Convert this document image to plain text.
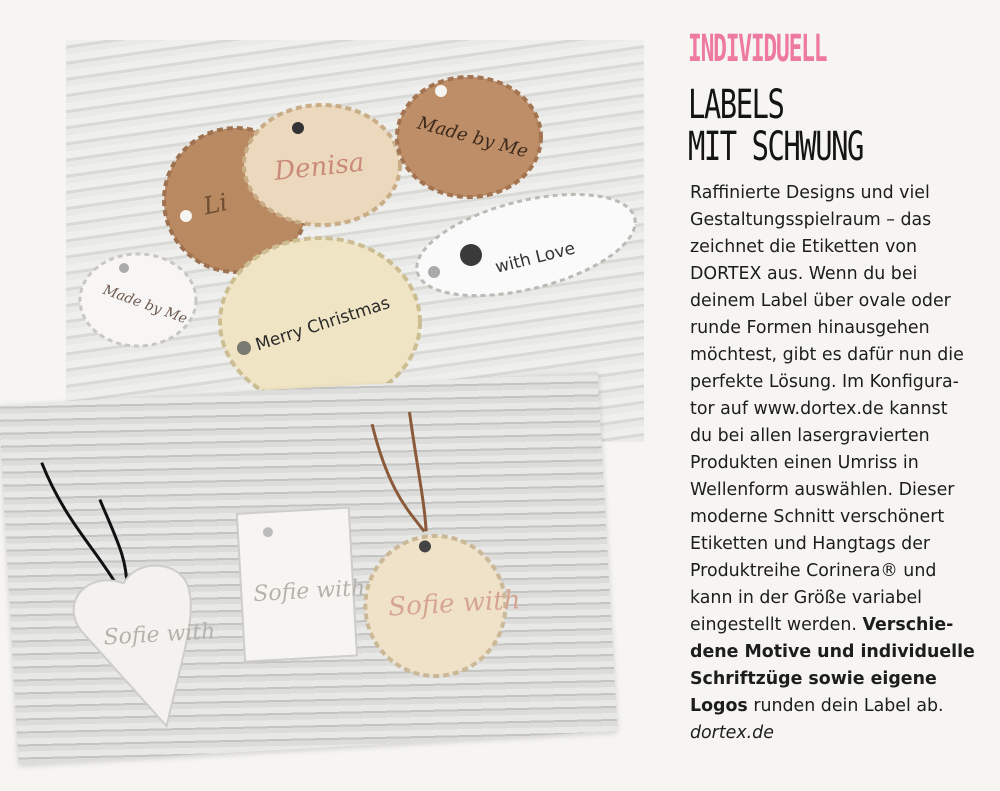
Li
Denisa
Made by Me
Made by Me	Merry Christmas
with Love
Sofie with
Sofie with Sofie with
INDIVIDUELL
LABELS
MIT SCHWUNG
Raffinierte Designs und viel
Gestaltungsspielraum – das
zeichnet die Etiketten von
DORTEX aus. Wenn du bei
deinem Label über ovale oder
runde Formen hinausgehen
möchtest, gibt es dafür nun die
perfekte Lösung. Im Konfigura-
tor auf www.dortex.de kannst
du bei allen lasergravierten
Produkten einen Umriss in
Wellenform auswählen. Dieser
moderne Schnitt verschönert
Etiketten und Hangtags der
Produktreihe Corinera® und
kann in der Größe variabel
eingestellt werden. Verschie-
dene Motive und individuelle
Schriftzüge sowie eigene
Logos runden dein Label ab.
dortex.de
